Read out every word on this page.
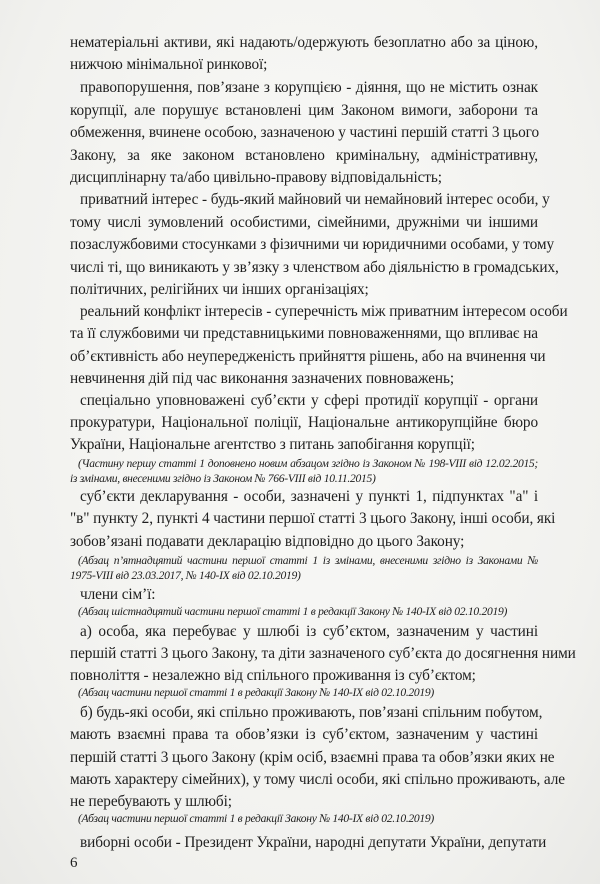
нематеріальні активи, які надають/одержують безоплатно або за ціною,
нижчою мінімальної ринкової;
правопорушення, пов’язане з корупцією - діяння, що не містить ознак
корупції, але порушує встановлені цим Законом вимоги, заборони та
обмеження, вчинене особою, зазначеною у частині першій статті 3 цього
Закону, за яке законом встановлено кримінальну, адміністративну,
дисциплінарну та/або цивільно-правову відповідальність;
приватний інтерес - будь-який майновий чи немайновий інтерес особи, у
тому числі зумовлений особистими, сімейними, дружніми чи іншими
позаслужбовими стосунками з фізичними чи юридичними особами, у тому
числі ті, що виникають у зв’язку з членством або діяльністю в громадських,
політичних, релігійних чи інших організаціях;
реальний конфлікт інтересів - суперечність між приватним інтересом особи
та її службовими чи представницькими повноваженнями, що впливає на
об’єктивність або неупередженість прийняття рішень, або на вчинення чи
невчинення дій під час виконання зазначених повноважень;
спеціально уповноважені суб’єкти у сфері протидії корупції - органи
прокуратури, Національної поліції, Національне антикорупційне бюро
України, Національне агентство з питань запобігання корупції;
(Частину першу статті 1 доповнено новим абзацом згідно із Законом № 198-VIII від 12.02.2015;
із змінами, внесеними згідно із Законом № 766-VIII від 10.11.2015)
суб’єкти декларування - особи, зазначені у пункті 1, підпунктах "а" і
"в" пункту 2, пункті 4 частини першої статті 3 цього Закону, інші особи, які
зобов’язані подавати декларацію відповідно до цього Закону;
(Абзац п’ятнадцятий частини першої статті 1 із змінами, внесеними згідно із Законами №
1975-VIII від 23.03.2017, № 140-IX від 02.10.2019)
члени сім’ї:
(Абзац шістнадцятий частини першої статті 1 в редакції Закону № 140-IX від 02.10.2019)
а) особа, яка перебуває у шлюбі із суб’єктом, зазначеним у частині
першій статті 3 цього Закону, та діти зазначеного суб’єкта до досягнення ними
повноліття - незалежно від спільного проживання із суб’єктом;
(Абзац частини першої статті 1 в редакції Закону № 140-IX від 02.10.2019)
б) будь-які особи, які спільно проживають, пов’язані спільним побутом,
мають взаємні права та обов’язки із суб’єктом, зазначеним у частині
першій статті 3 цього Закону (крім осіб, взаємні права та обов’язки яких не
мають характеру сімейних), у тому числі особи, які спільно проживають, але
не перебувають у шлюбі;
(Абзац частини першої статті 1 в редакції Закону № 140-IX від 02.10.2019)
виборні особи - Президент України, народні депутати України, депутати
6
